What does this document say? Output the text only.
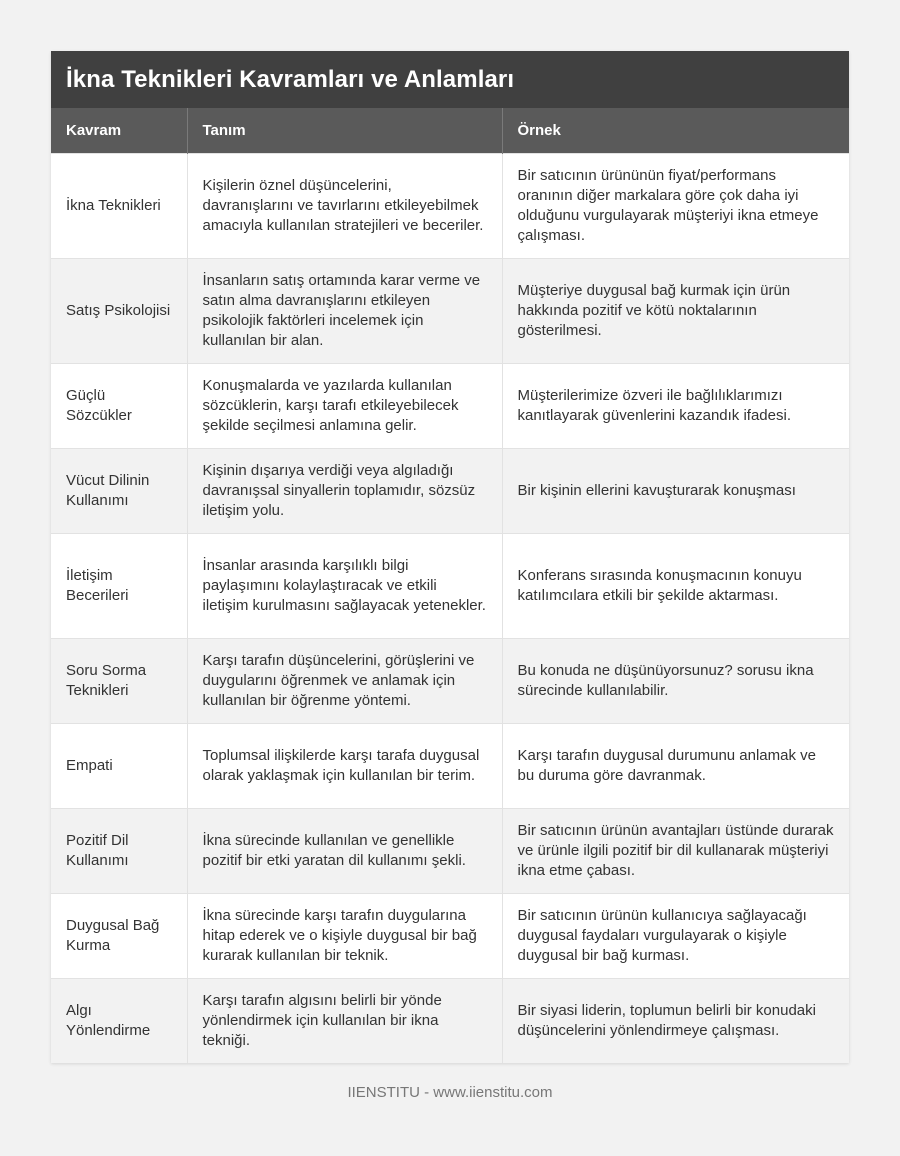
İkna Teknikleri Kavramları ve Anlamları
Kavram	Tanım	Örnek
İkna Teknikleri	Kişilerin öznel düşüncelerini, davranışlarını ve tavırlarını etkileyebilmek amacıyla kullanılan stratejileri ve beceriler.	Bir satıcının ürününün fiyat/performans oranının diğer markalara göre çok daha iyi olduğunu vurgulayarak müşteriyi ikna etmeye çalışması.
Satış Psikolojisi	İnsanların satış ortamında karar verme ve satın alma davranışlarını etkileyen psikolojik faktörleri incelemek için kullanılan bir alan.	Müşteriye duygusal bağ kurmak için ürün hakkında pozitif ve kötü noktalarının gösterilmesi.
Güçlü Sözcükler	Konuşmalarda ve yazılarda kullanılan sözcüklerin, karşı tarafı etkileyebilecek şekilde seçilmesi anlamına gelir.	Müşterilerimize özveri ile bağlılıklarımızı kanıtlayarak güvenlerini kazandık ifadesi.
Vücut Dilinin Kullanımı	Kişinin dışarıya verdiği veya algıladığı davranışsal sinyallerin toplamıdır, sözsüz iletişim yolu.	Bir kişinin ellerini kavuşturarak konuşması
İletişim Becerileri	İnsanlar arasında karşılıklı bilgi paylaşımını kolaylaştıracak ve etkili iletişim kurulmasını sağlayacak yetenekler.	Konferans sırasında konuşmacının konuyu katılımcılara etkili bir şekilde aktarması.
Soru Sorma Teknikleri	Karşı tarafın düşüncelerini, görüşlerini ve duygularını öğrenmek ve anlamak için kullanılan bir öğrenme yöntemi.	Bu konuda ne düşünüyorsunuz? sorusu ikna sürecinde kullanılabilir.
Empati	Toplumsal ilişkilerde karşı tarafa duygusal olarak yaklaşmak için kullanılan bir terim.	Karşı tarafın duygusal durumunu anlamak ve bu duruma göre davranmak.
Pozitif Dil Kullanımı	İkna sürecinde kullanılan ve genellikle pozitif bir etki yaratan dil kullanımı şekli.	Bir satıcının ürünün avantajları üstünde durarak ve ürünle ilgili pozitif bir dil kullanarak müşteriyi ikna etme çabası.
Duygusal Bağ Kurma	İkna sürecinde karşı tarafın duygularına hitap ederek ve o kişiyle duygusal bir bağ kurarak kullanılan bir teknik.	Bir satıcının ürünün kullanıcıya sağlayacağı duygusal faydaları vurgulayarak o kişiyle duygusal bir bağ kurması.
Algı Yönlendirme	Karşı tarafın algısını belirli bir yönde yönlendirmek için kullanılan bir ikna tekniği.	Bir siyasi liderin, toplumun belirli bir konudaki düşüncelerini yönlendirmeye çalışması.
IIENSTITU - www.iienstitu.com
